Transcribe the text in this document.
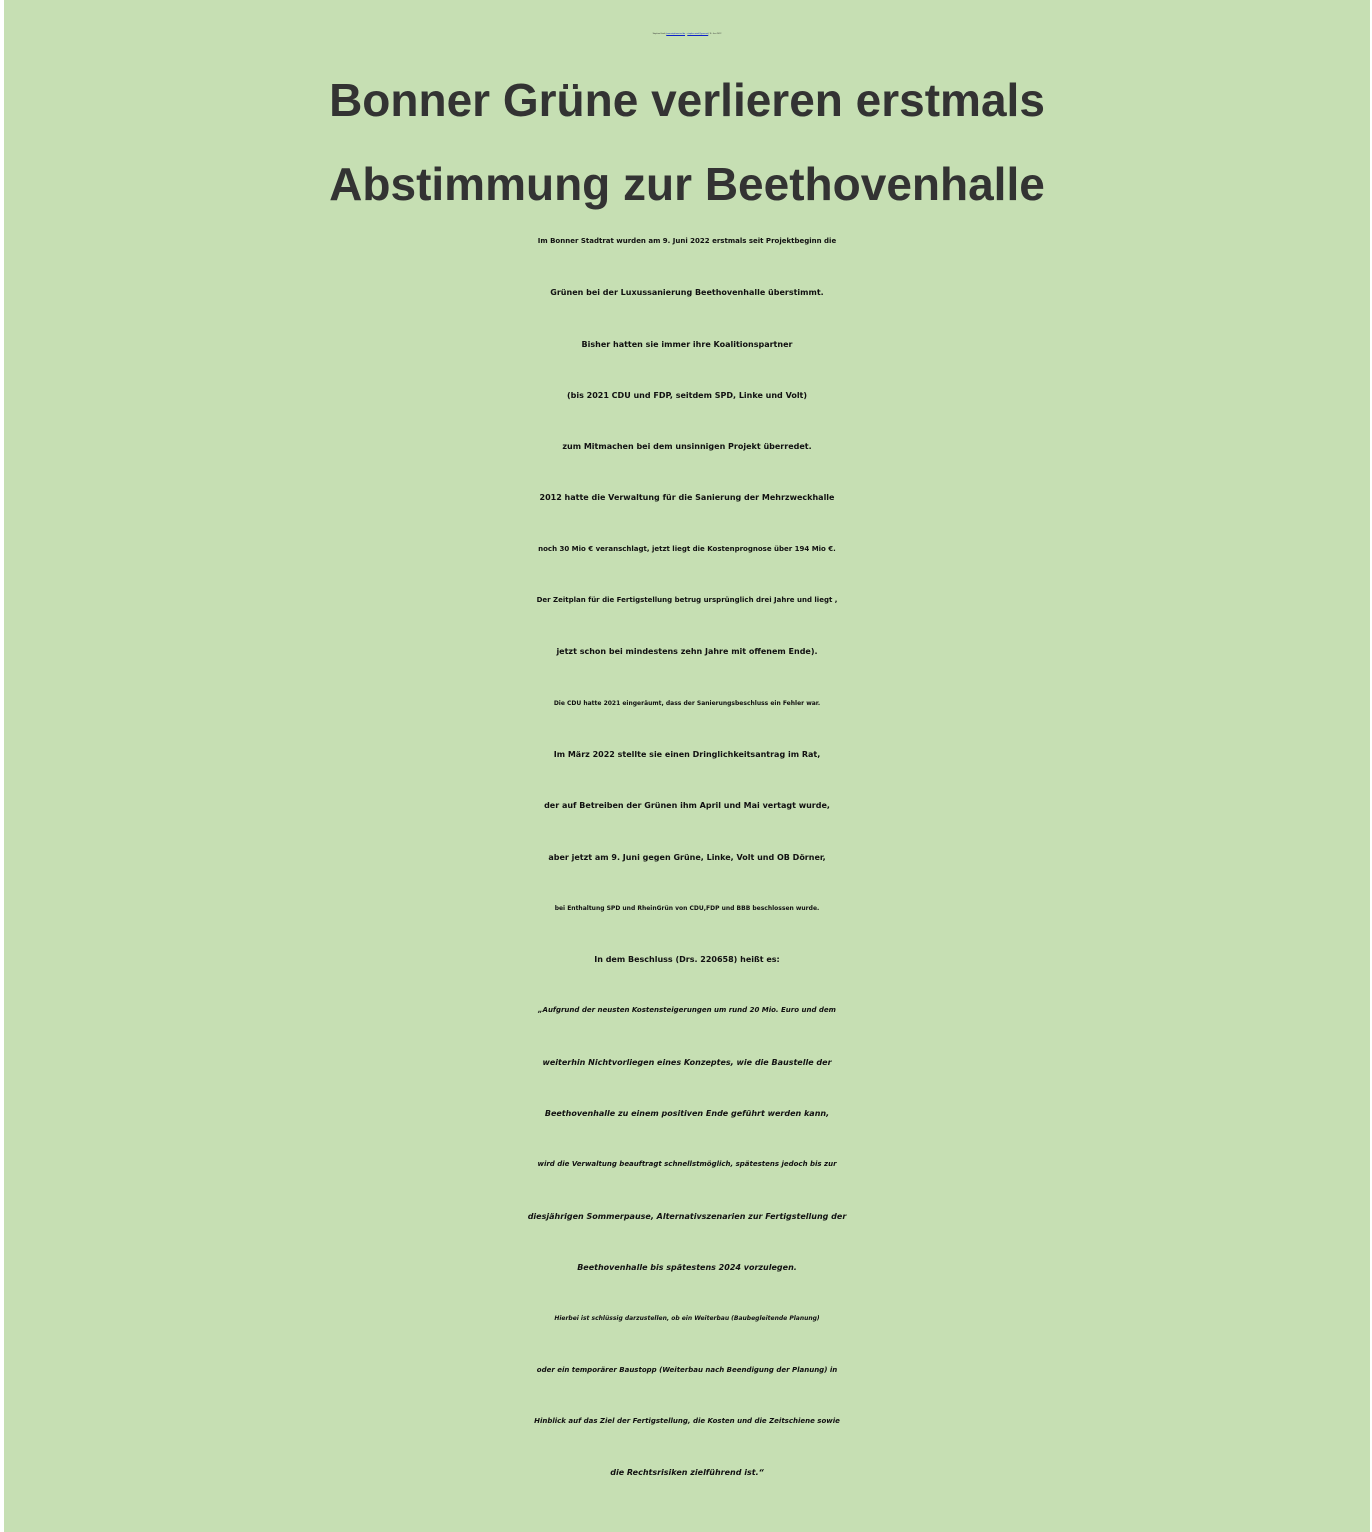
Stephan Eisel (www.stephaneisel.de – stephan.eisel@gmx.net) 11. Juni 2022
Bonner Grüne verlieren erstmals
Abstimmung zur Beethovenhalle
Im Bonner Stadtrat wurden am 9. Juni 2022 erstmals seit Projektbeginn die
Grünen bei der Luxussanierung Beethovenhalle überstimmt.
Bisher hatten sie immer ihre Koalitionspartner
(bis 2021 CDU und FDP, seitdem SPD, Linke und Volt)
zum Mitmachen bei dem unsinnigen Projekt überredet.
2012 hatte die Verwaltung für die Sanierung der Mehrzweckhalle
noch 30 Mio € veranschlagt, jetzt liegt die Kostenprognose über 194 Mio €.
Der Zeitplan für die Fertigstellung betrug ursprünglich drei Jahre und liegt ,
jetzt schon bei mindestens zehn Jahre mit offenem Ende).
Die CDU hatte 2021 eingeräumt, dass der Sanierungsbeschluss ein Fehler war.
Im März 2022 stellte sie einen Dringlichkeitsantrag im Rat,
der auf Betreiben der Grünen ihm April und Mai vertagt wurde,
aber jetzt am 9. Juni gegen Grüne, Linke, Volt und OB Dörner,
bei Enthaltung SPD und RheinGrün von CDU,FDP und BBB beschlossen wurde.
In dem Beschluss (Drs. 220658) heißt es:
„Aufgrund der neusten Kostensteigerungen um rund 20 Mio. Euro und dem
weiterhin Nichtvorliegen eines Konzeptes, wie die Baustelle der
Beethovenhalle zu einem positiven Ende geführt werden kann,
wird die Verwaltung beauftragt schnellstmöglich, spätestens jedoch bis zur
diesjährigen Sommerpause, Alternativszenarien zur Fertigstellung der
Beethovenhalle bis spätestens 2024 vorzulegen.
Hierbei ist schlüssig darzustellen, ob ein Weiterbau (Baubegleitende Planung)
oder ein temporärer Baustopp (Weiterbau nach Beendigung der Planung) in
Hinblick auf das Ziel der Fertigstellung, die Kosten und die Zeitschiene sowie
die Rechtsrisiken zielführend ist.“
